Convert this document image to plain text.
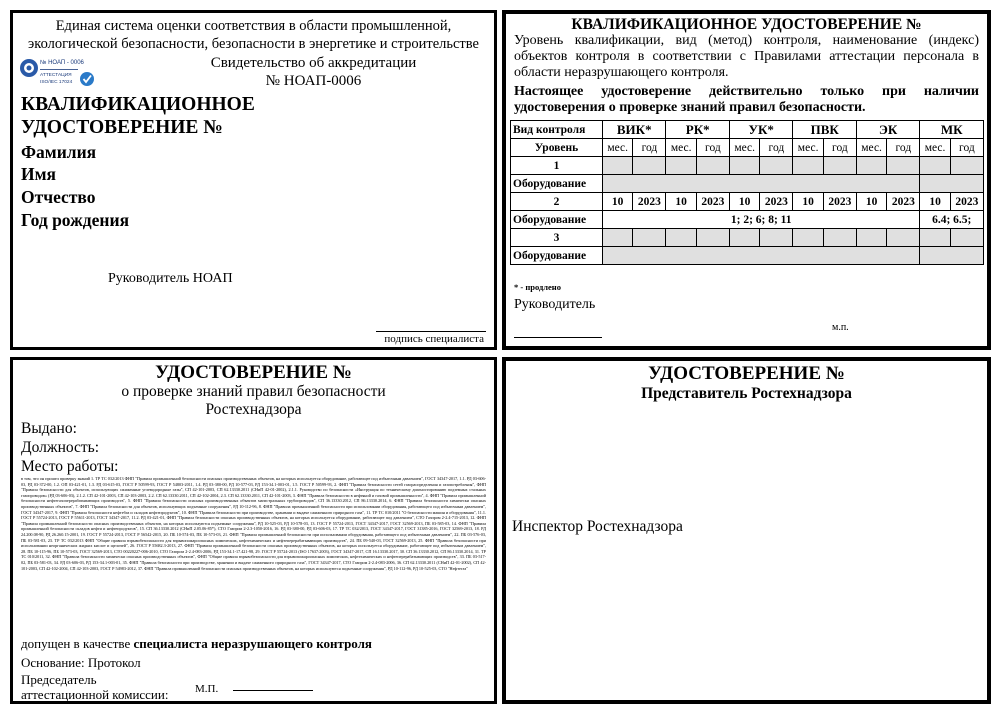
Единая система оценки соответствия в области промышленной,
экологической безопасности, безопасности в энергетике и строительстве
№ НОАП - 0006
АТТЕСТАЦИЯ
ISO/IEC 17024
Свидетельство об аккредитации
№ НОАП-0006
КВАЛИФИКАЦИОННОЕ
УДОСТОВЕРЕНИЕ №
Фамилия
Имя
Отчество
Год рождения
Руководитель НОАП
подпись специалиста
КВАЛИФИКАЦИОННОЕ УДОСТОВЕРЕНИЕ №
Уровень квалификации, вид (метод) контроля, наименование (индекс) объектов контроля в соответствии с Правилами аттестации персонала в области неразрушающего контроля.
Настоящее удостоверение действительно только при наличии удостоверения о проверке знаний правил безопасности.
Вид контроля	ВИК*		РК*		УК*		ПВК		ЭК		МК	
Уровень	мес.	год	мес.	год	мес.	год	мес.	год	мес.	год	мес.	год
1												
Оборудование												
2	10	2023	10	2023	10	2023	10	2023	10	2023	10	2023
Оборудование	1; 2; 6; 8; 11										6.4; 6.5;	
3												
Оборудование												
* - продлено
Руководитель
м.п.
УДОСТОВЕРЕНИЕ №
о проверке знаний правил безопасности
Ростехнадзора
Выдано:
Должность:
Место работы:
в том, что он прошел проверку знаний 1. ТР ТС 032/2013 ФНП "Правила промышленной безопасности опасных производственных объектов, на которых используется оборудование, работающее под избыточным давлением", ГОСТ 34347-2017, 1.1. РД 03-606-03, РД 03-372-00, 1.2. ОП 03-421-01, 1.3. РД 03-615-03, ГОСТ Р 50599-93, ГОСТ Р 54803-2011, 1.4. РД 03-380-00, РД 10-577-03, РД 153-34.1-003-01, 1.5. ГОСТ Р 50599-93, 2. ФНП "Правила безопасности сетей газораспределения и газопотребления", ФНП "Правила безопасности для объектов, использующих сжиженные углеводородные газы", СП 42-101-2003, СП 62.13330.2011 (СНиП 42-01-2002), 2.1.1. Руководство по безопасности «Инструкция по техническому диагностированию подземных стальных газопроводов» (РД 03-606-03), 2.1.2. СП 42-101-2003, СП 42-103-2003, 2.2. СП 62.13330.2011, СП 42-102-2004, 2.3. СП 62.13330.2011, СП 42-101-2003, 3. ФНП "Правила безопасности в нефтяной и газовой промышленности", 4. ФНП "Правила промышленной безопасности нефтегазоперерабатывающих производств", 5. ФНП "Правила безопасности опасных производственных объектов магистральных трубопроводов", СП 36.13330.2012, СП 86.13330.2014, 6. ФНП "Правила безопасности химически опасных производственных объектов", 7. ФНП "Правила безопасности для объектов, использующих подъемные сооружения", РД 10-112-96, 8. ФНП "Правила промышленной безопасности при использовании оборудования, работающего под избыточным давлением", ГОСТ 34347-2017, 9. ФНП "Правила безопасности нефтебаз и складов нефтепродуктов", 10. ФНП "Правила безопасности при производстве, хранении и выдаче сжиженного природного газа", 11. ТР ТС 010/2011 "О безопасности машин и оборудования", 11.1. ГОСТ Р 55724-2013, ГОСТ Р 55611-2013, ГОСТ 34347-2017, 11.2. РД 03-421-01, ФНП "Правила безопасности опасных производственных объектов, на которых используется оборудование, работающее под давлением", СТО Газпром 2-2.4-715-2013, 12. ФНП "Правила промышленной безопасности опасных производственных объектов, на которых используются подъемные сооружения", РД 10-525-03, РД 10-578-03, 13. ГОСТ Р 55724-2013, ГОСТ 34347-2017, ГОСТ 32569-2013, ПБ 03-585-03, 14. ФНП "Правила промышленной безопасности складов нефти и нефтепродуктов", 15. СП 36.13330.2012 (СНиП 2.05.06-85*), СТО Газпром 2-2.3-1050-2016, 16. РД 03-380-00, РД 03-606-03, 17. ТР ТС 032/2013, ГОСТ 34347-2017, ГОСТ 31385-2016, ГОСТ 32569-2013, 18. РД 24.200.08-90, РД 26.260.15-2001, 19. ГОСТ Р 55724-2013, ГОСТ Р 56542-2015, 20. ПБ 10-574-03, ПБ 10-573-03, 21. ФНП "Правила промышленной безопасности при использовании оборудования, работающего под избыточным давлением", 22. ПБ 03-576-03, ПБ 03-581-03, 23. ТР ТС 032/2013 ФНП "Общие правила взрывобезопасности для взрывопожароопасных химических, нефтехимических и нефтеперерабатывающих производств", 24. ПБ 09-540-03, ГОСТ 32569-2013, 25. ФНП "Правила безопасности при использовании неорганических жидких кислот и щелочей", 26. ГОСТ Р 55682.3-2013, 27. ФНП "Правила промышленной безопасности опасных производственных объектов, на которых используется оборудование, работающее под избыточным давлением", 28. ПБ 10-115-96, ПБ 10-573-03, ГОСТ 32569-2013, СТО 00220227-006-2010, СТО Газпром 2-2.4-083-2006, РД 153-34.1-17.421-98, 29. ГОСТ Р 55724-2013 (ISO 17637:2003), ГОСТ 34347-2017, СП 16.13330.2017, 30. СП 36.13330.2012, СП 86.13330.2014, 31. ТР ТС 010/2011, 32. ФНП "Правила безопасности химически опасных производственных объектов", ФНП "Общие правила взрывобезопасности для взрывопожароопасных химических, нефтехимических и нефтеперерабатывающих производств", 33. ПБ 03-517-02, ПБ 03-581-03, 34. РД 03-606-03, РД 153-34.1-003-01, 35. ФНП "Правила безопасности при производстве, хранении и выдаче сжиженного природного газа", ГОСТ 34347-2017, СТО Газпром 2-2.4-083-2006, 36. СП 62.13330.2011 (СНиП 42-01-2002), СП 42-101-2003, СП 42-102-2004, СП 42-103-2003, ГОСТ Р 54983-2012, 37. ФНП "Правила промышленной безопасности опасных производственных объектов, на которых используются подъемные сооружения", РД 10-112-96, РД 10-525-03, СТО "Нефтегаз"
допущен в качестве специалиста неразрушающего контроля
Основание: Протокол
Председатель
аттестационной комиссии: М.П.
УДОСТОВЕРЕНИЕ №
Представитель Ростехнадзора
Инспектор Ростехнадзора
